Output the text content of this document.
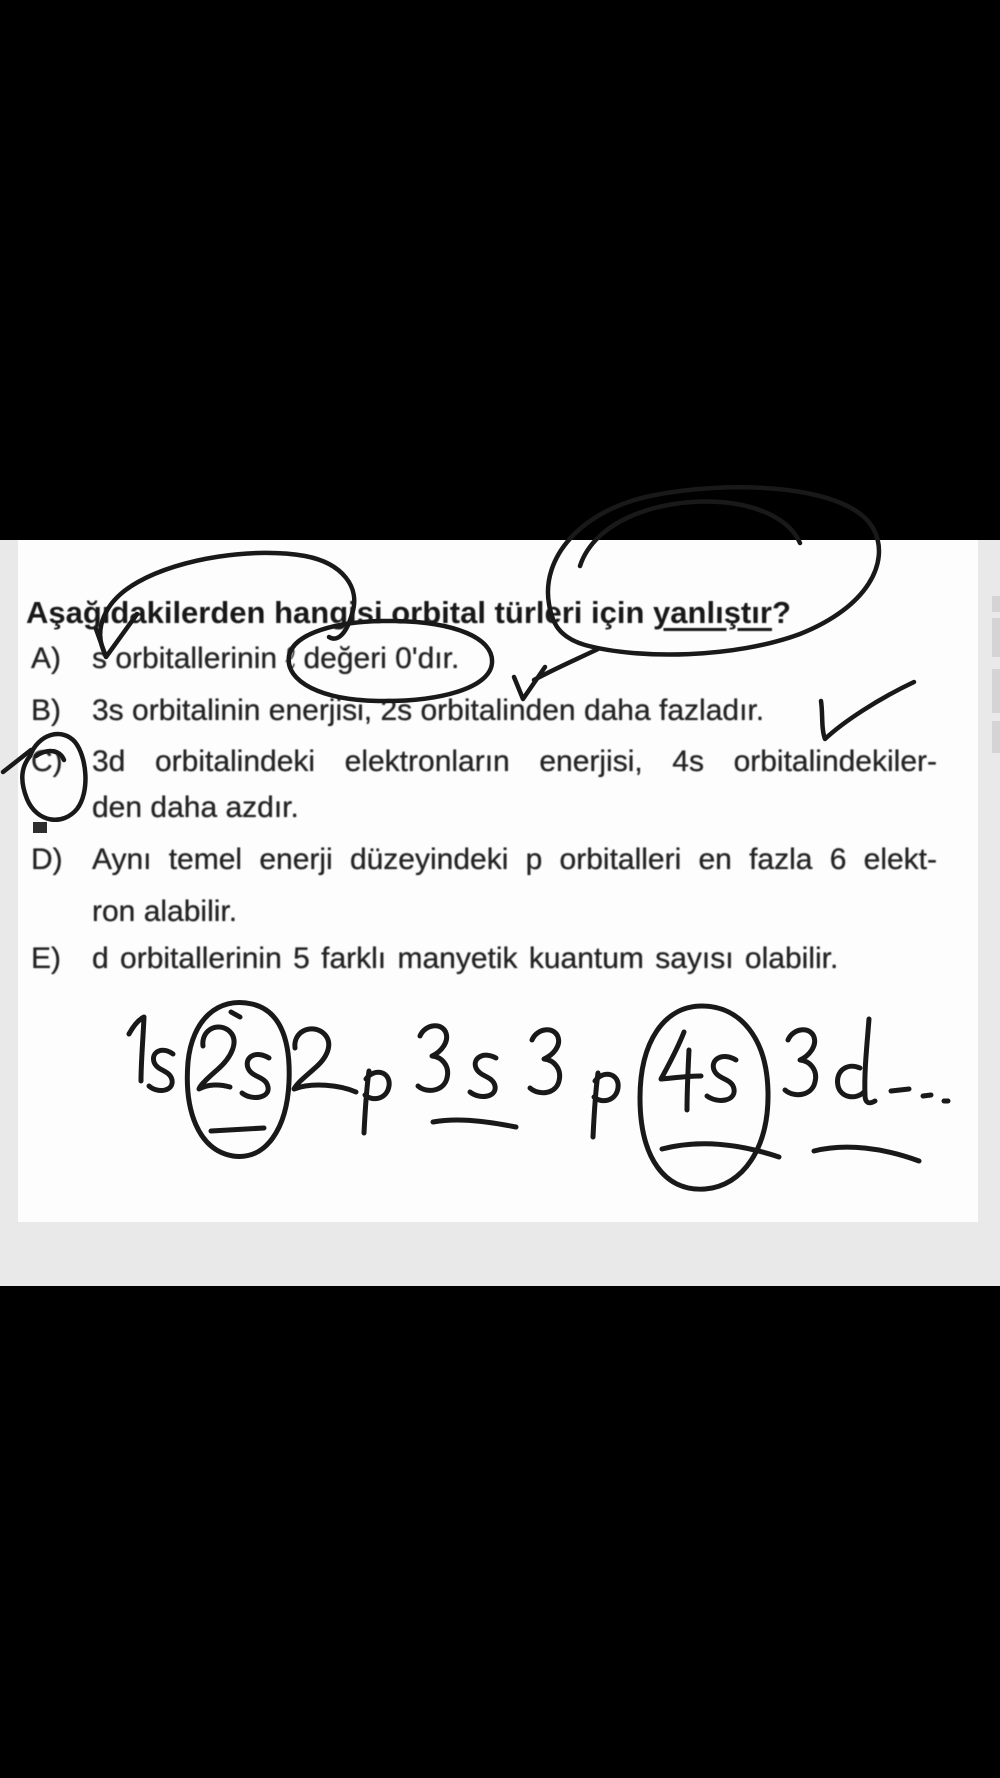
Aşağıdakilerden hangisi orbital türleri için yanlıştır?
A)	s orbitallerinin ℓ değeri 0'dır.
B)	3s orbitalinin enerjisi, 2s orbitalinden daha fazladır.
C) 3d orbitalindeki elektronların enerjisi, 4s orbitalindekiler-
den daha azdır.
D) Aynı temel enerji düzeyindeki p orbitalleri en fazla 6 elekt-
ron alabilir.
E)	d orbitallerinin 5 farklı manyetik kuantum sayısı olabilir.
